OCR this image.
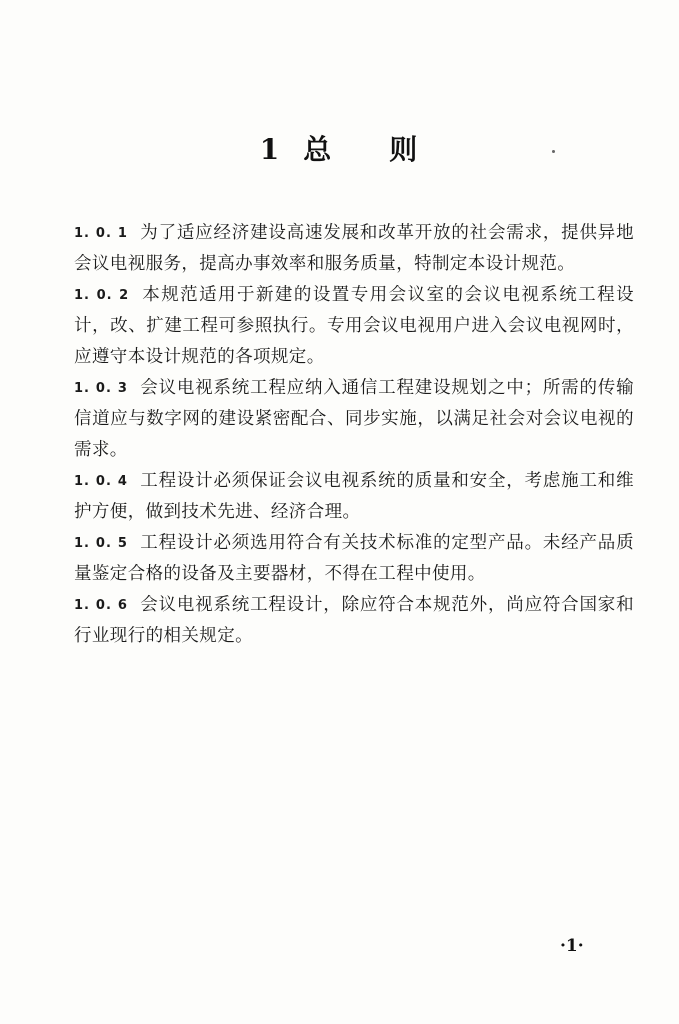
1 总 则

1. 0. 1 为了适应经济建设高速发展和改革开放的社会需求，提供异地会议电视服务，提高办事效率和服务质量，特制定本设计规范。

1. 0. 2 本规范适用于新建的设置专用会议室的会议电视系统工程设计，改、扩建工程可参照执行。专用会议电视用户进入会议电视网时，应遵守本设计规范的各项规定。

1. 0. 3 会议电视系统工程应纳入通信工程建设规划之中；所需的传输信道应与数字网的建设紧密配合、同步实施，以满足社会对会议电视的需求。

1. 0. 4 工程设计必须保证会议电视系统的质量和安全，考虑施工和维护方便，做到技术先进、经济合理。

1. 0. 5 工程设计必须选用符合有关技术标准的定型产品。未经产品质量鉴定合格的设备及主要器材，不得在工程中使用。

1. 0. 6 会议电视系统工程设计，除应符合本规范外，尚应符合国家和行业现行的相关规定。

·1·
